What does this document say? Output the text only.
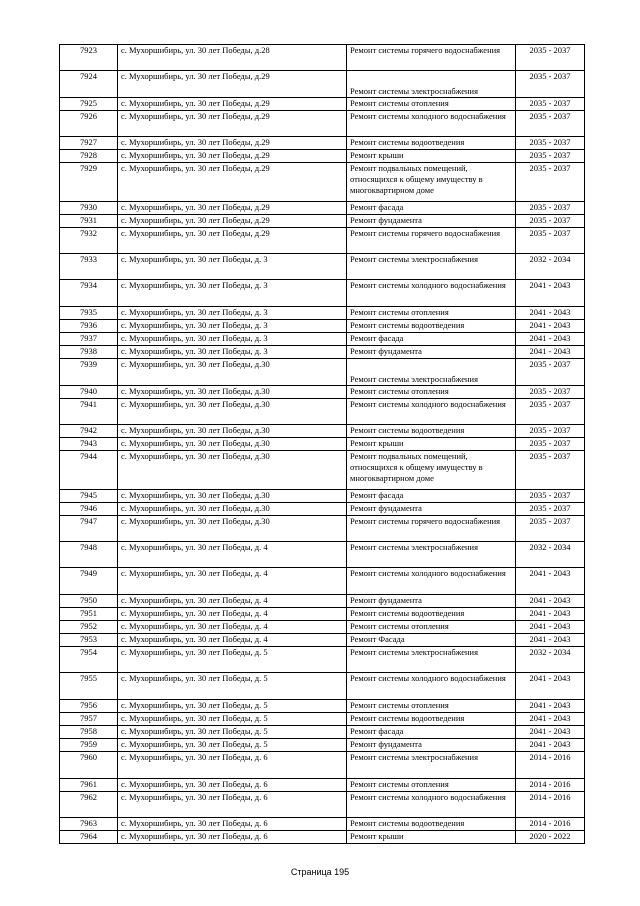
7923	с. Мухоршибирь, ул. 30 лет Победы, д.28	Ремонт системы горячего водоснабжения	2035 - 2037
7924	с. Мухоршибирь, ул. 30 лет Победы, д.29	Ремонт системы электроснабжения	2035 - 2037
7925	с. Мухоршибирь, ул. 30 лет Победы, д.29	Ремонт системы отопления	2035 - 2037
7926	с. Мухоршибирь, ул. 30 лет Победы, д.29	Ремонт системы холодного водоснабжения	2035 - 2037
7927	с. Мухоршибирь, ул. 30 лет Победы, д.29	Ремонт системы водоотведения	2035 - 2037
7928	с. Мухоршибирь, ул. 30 лет Победы, д.29	Ремонт крыши	2035 - 2037
7929	с. Мухоршибирь, ул. 30 лет Победы, д.29	Ремонт подвальных помещений, относящихся к общему имуществу в многоквартирном доме	2035 - 2037
7930	с. Мухоршибирь, ул. 30 лет Победы, д.29	Ремонт фасада	2035 - 2037
7931	с. Мухоршибирь, ул. 30 лет Победы, д.29	Ремонт фундамента	2035 - 2037
7932	с. Мухоршибирь, ул. 30 лет Победы, д.29	Ремонт системы горячего водоснабжения	2035 - 2037
7933	с. Мухоршибирь, ул. 30 лет Победы, д. 3	Ремонт системы электроснабжения	2032 - 2034
7934	с. Мухоршибирь, ул. 30 лет Победы, д. 3	Ремонт системы холодного водоснабжения	2041 - 2043
7935	с. Мухоршибирь, ул. 30 лет Победы, д. 3	Ремонт системы отопления	2041 - 2043
7936	с. Мухоршибирь, ул. 30 лет Победы, д. 3	Ремонт системы водоотведения	2041 - 2043
7937	с. Мухоршибирь, ул. 30 лет Победы, д. 3	Ремонт фасада	2041 - 2043
7938	с. Мухоршибирь, ул. 30 лет Победы, д. 3	Ремонт фундамента	2041 - 2043
7939	с. Мухоршибирь, ул. 30 лет Победы, д.30	Ремонт системы электроснабжения	2035 - 2037
7940	с. Мухоршибирь, ул. 30 лет Победы, д.30	Ремонт системы отопления	2035 - 2037
7941	с. Мухоршибирь, ул. 30 лет Победы, д.30	Ремонт системы холодного водоснабжения	2035 - 2037
7942	с. Мухоршибирь, ул. 30 лет Победы, д.30	Ремонт системы водоотведения	2035 - 2037
7943	с. Мухоршибирь, ул. 30 лет Победы, д.30	Ремонт крыши	2035 - 2037
7944	с. Мухоршибирь, ул. 30 лет Победы, д.30	Ремонт подвальных помещений, относящихся к общему имуществу в многоквартирном доме	2035 - 2037
7945	с. Мухоршибирь, ул. 30 лет Победы, д.30	Ремонт фасада	2035 - 2037
7946	с. Мухоршибирь, ул. 30 лет Победы, д.30	Ремонт фундамента	2035 - 2037
7947	с. Мухоршибирь, ул. 30 лет Победы, д.30	Ремонт системы горячего водоснабжения	2035 - 2037
7948	с. Мухоршибирь, ул. 30 лет Победы, д. 4	Ремонт системы электроснабжения	2032 - 2034
7949	с. Мухоршибирь, ул. 30 лет Победы, д. 4	Ремонт системы холодного водоснабжения	2041 - 2043
7950	с. Мухоршибирь, ул. 30 лет Победы, д. 4	Ремонт фундамента	2041 - 2043
7951	с. Мухоршибирь, ул. 30 лет Победы, д. 4	Ремонт системы водоотведения	2041 - 2043
7952	с. Мухоршибирь, ул. 30 лет Победы, д. 4	Ремонт системы отопления	2041 - 2043
7953	с. Мухоршибирь, ул. 30 лет Победы, д. 4	Ремонт Фасада	2041 - 2043
7954	с. Мухоршибирь, ул. 30 лет Победы, д. 5	Ремонт системы электроснабжения	2032 - 2034
7955	с. Мухоршибирь, ул. 30 лет Победы, д. 5	Ремонт системы холодного водоснабжения	2041 - 2043
7956	с. Мухоршибирь, ул. 30 лет Победы, д. 5	Ремонт системы отопления	2041 - 2043
7957	с. Мухоршибирь, ул. 30 лет Победы, д. 5	Ремонт системы водоотведения	2041 - 2043
7958	с. Мухоршибирь, ул. 30 лет Победы, д. 5	Ремонт фасада	2041 - 2043
7959	с. Мухоршибирь, ул. 30 лет Победы, д. 5	Ремонт фундамента	2041 - 2043
7960	с. Мухоршибирь, ул. 30 лет Победы, д. 6	Ремонт системы электроснабжения	2014 - 2016
7961	с. Мухоршибирь, ул. 30 лет Победы, д. 6	Ремонт системы отопления	2014 - 2016
7962	с. Мухоршибирь, ул. 30 лет Победы, д. 6	Ремонт системы холодного водоснабжения	2014 - 2016
7963	с. Мухоршибирь, ул. 30 лет Победы, д. 6	Ремонт системы водоотведения	2014 - 2016
7964	с. Мухоршибирь, ул. 30 лет Победы, д. 6	Ремонт крыши	2020 - 2022
Страница 195
